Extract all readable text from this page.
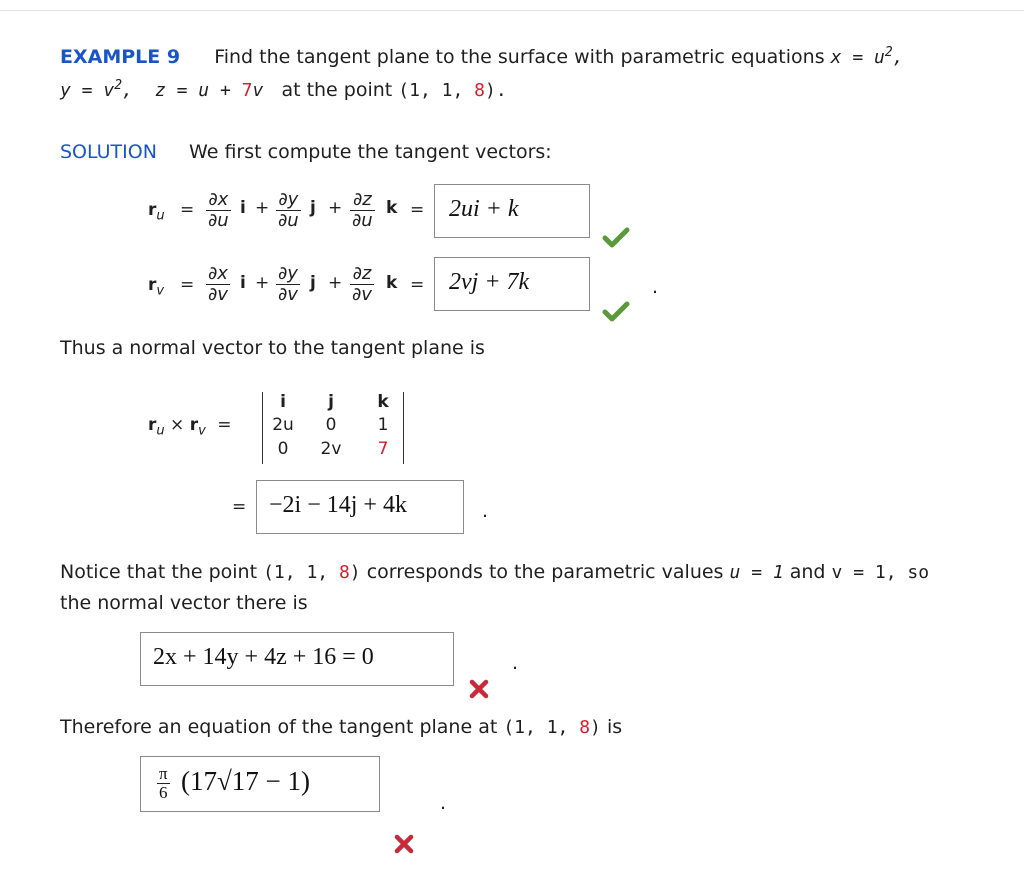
EXAMPLE 9 Find the tangent plane to the surface with parametric equations $x = u^2$,
$y = v^2$, z = u + 7v at the point (1, 1, 8).
SOLUTION We first compute the tangent vectors:
$r_u = \frac{\partial x}{\partial u}$ $i + \frac{\partial y}{\partial u}$ $j + \frac{\partial z}{\partial u}$ k = 2ui + k
$r_v = \frac{\partial x}{\partial v}$ $i + \frac{\partial y}{\partial v}$ $j + \frac{\partial z}{\partial v}$ k = 2vj + 7k	.
Thus a normal vector to the tangent plane is
$r_u \times r_v$ =
i	j	k
2u	0	1
0	2v	7
= −2i − 14j + 4k	.
Notice that the point (1, 1, 8) corresponds to the parametric values u = 1 and v = 1, so
the normal vector there is
2x + 14y + 4z + 16 = 0	.
Therefore an equation of the tangent plane at (1, 1, 8) is
$\frac{\pi}{6} (17√17 - 1)$
.
